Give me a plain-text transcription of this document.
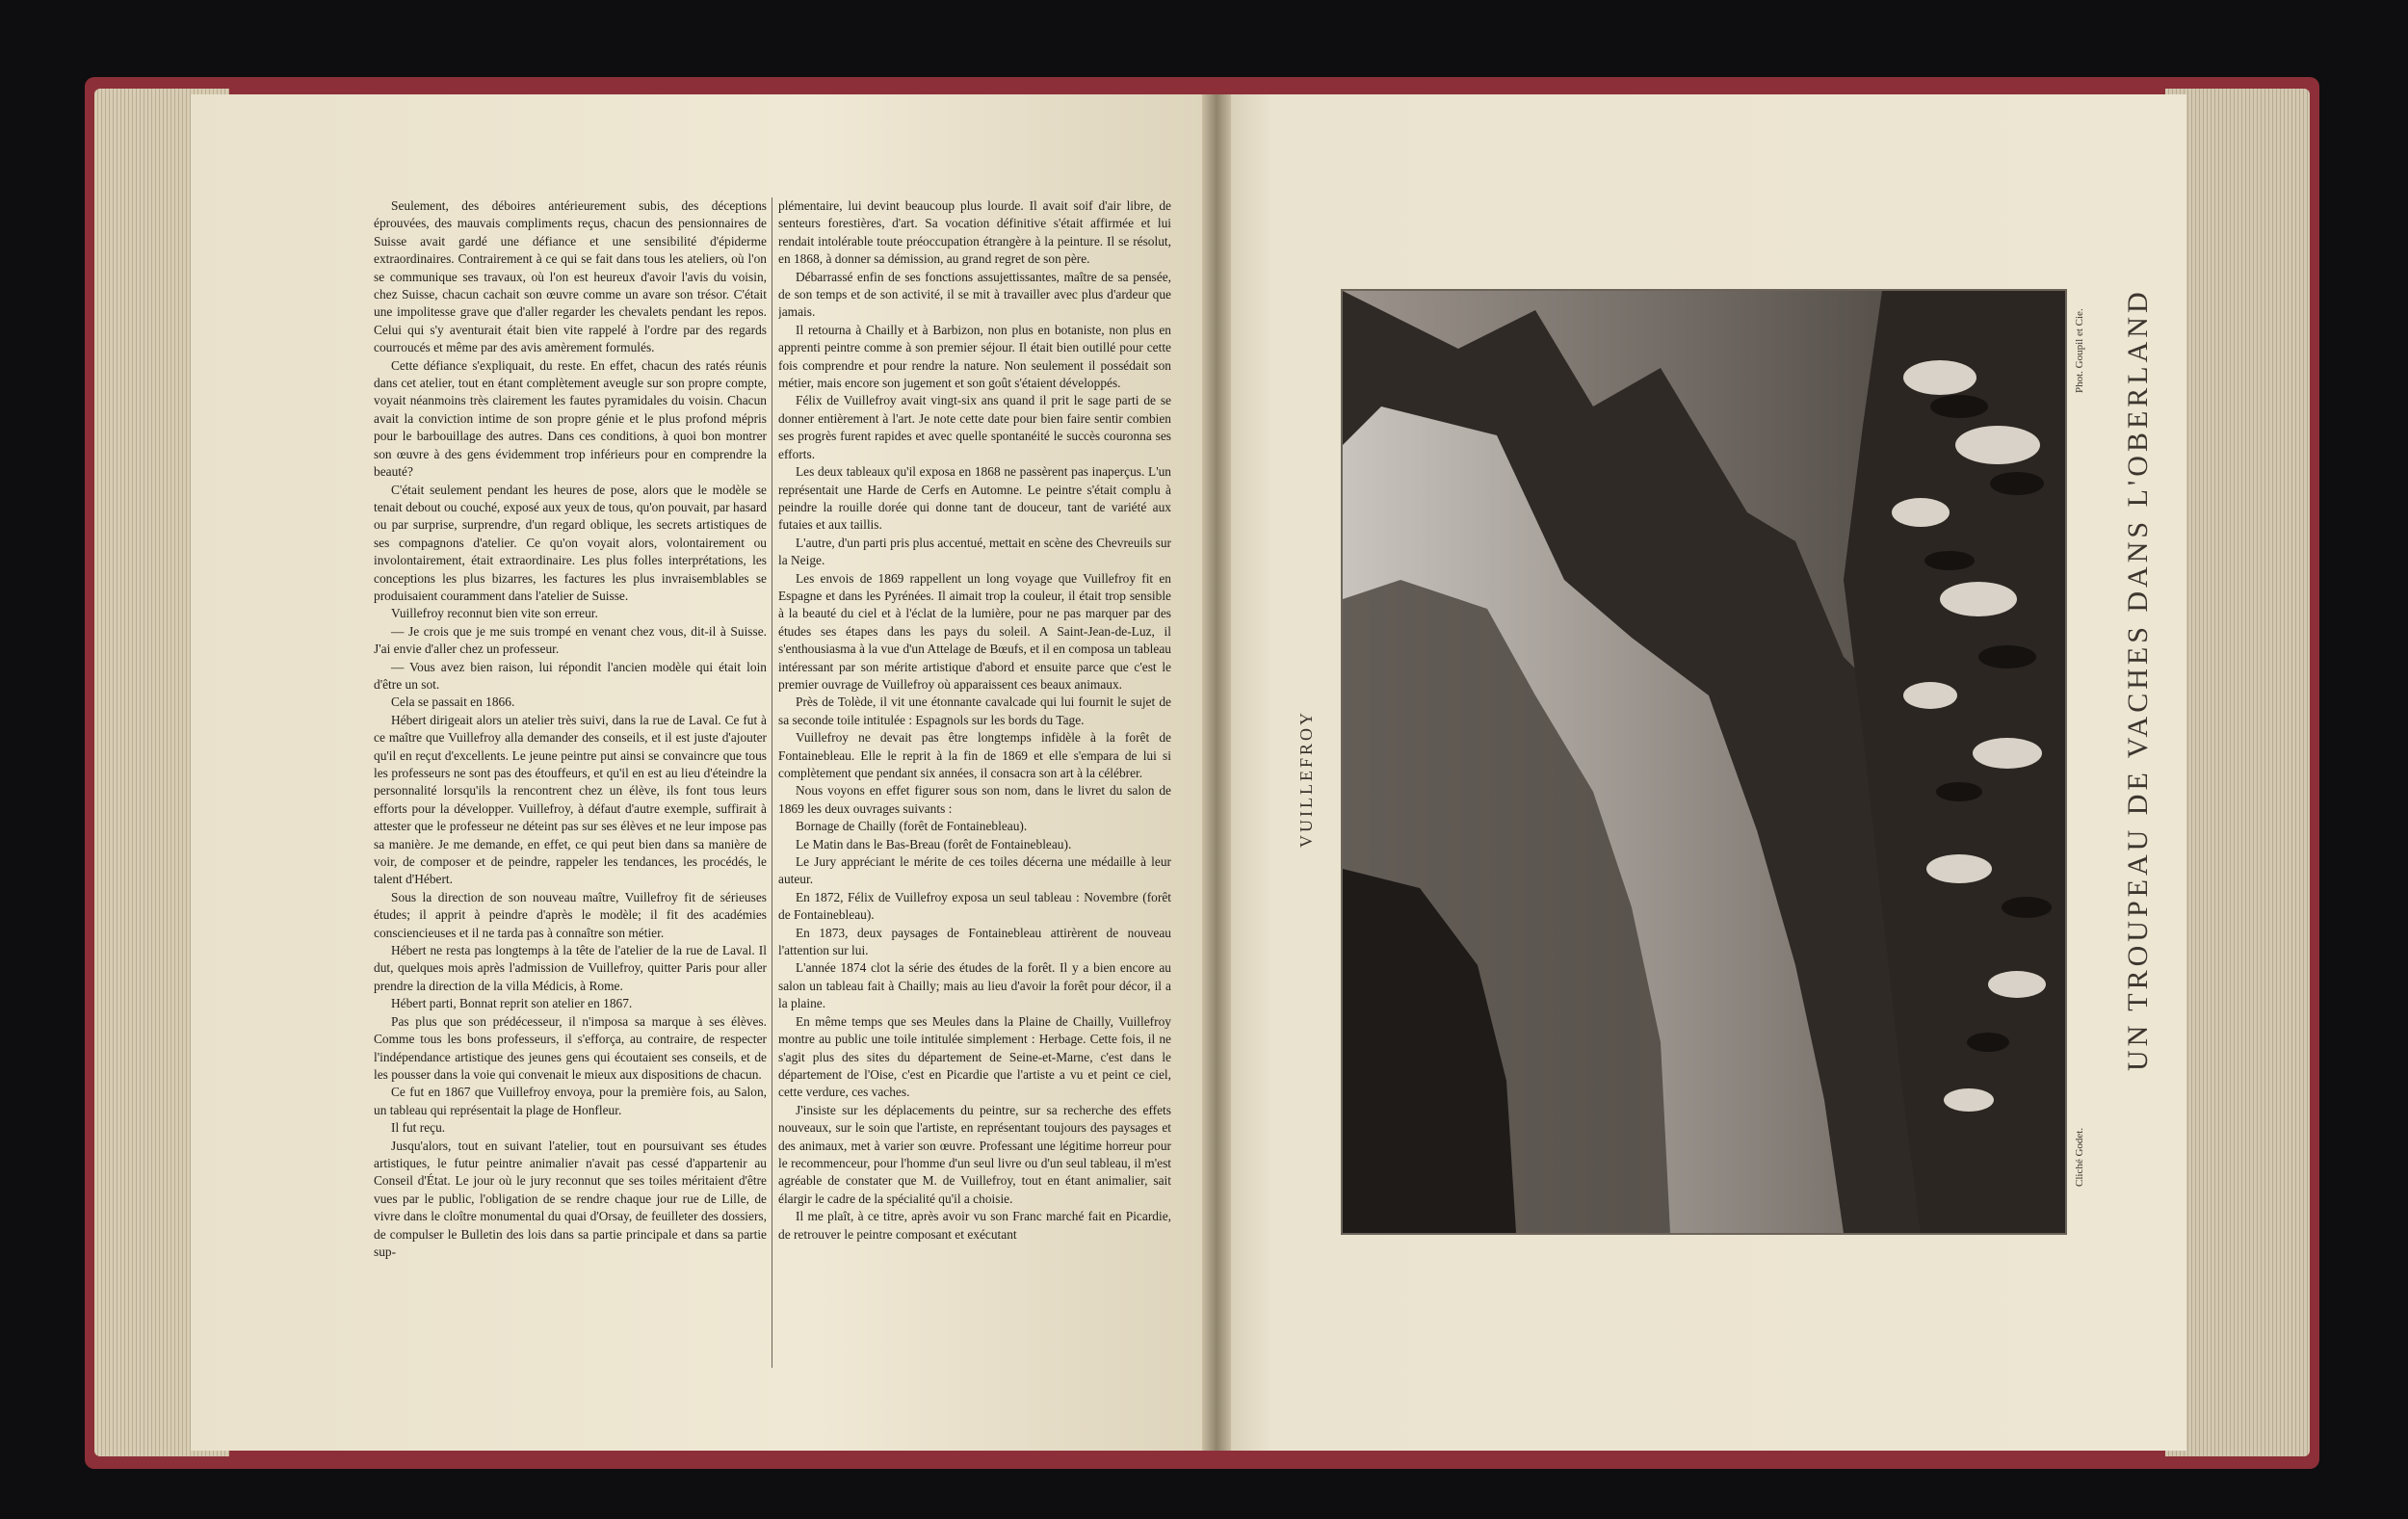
Seulement, des déboires antérieurement subis, des déceptions éprouvées, des mauvais compliments reçus, chacun des pensionnaires de Suisse avait gardé une défiance et une sensibilité d'épiderme extraordinaires. Contrairement à ce qui se fait dans tous les ateliers, où l'on se communique ses travaux, où l'on est heureux d'avoir l'avis du voisin, chez Suisse, chacun cachait son œuvre comme un avare son trésor. C'était une impolitesse grave que d'aller regarder les chevalets pendant les repos. Celui qui s'y aventurait était bien vite rappelé à l'ordre par des regards courroucés et même par des avis amèrement formulés.

Cette défiance s'expliquait, du reste. En effet, chacun des ratés réunis dans cet atelier, tout en étant complètement aveugle sur son propre compte, voyait néanmoins très clairement les fautes pyramidales du voisin. Chacun avait la conviction intime de son propre génie et le plus profond mépris pour le barbouillage des autres. Dans ces conditions, à quoi bon montrer son œuvre à des gens évidemment trop inférieurs pour en comprendre la beauté?

C'était seulement pendant les heures de pose, alors que le modèle se tenait debout ou couché, exposé aux yeux de tous, qu'on pouvait, par hasard ou par surprise, surprendre, d'un regard oblique, les secrets artistiques de ses compagnons d'atelier. Ce qu'on voyait alors, volontairement ou involontairement, était extraordinaire. Les plus folles interprétations, les conceptions les plus bizarres, les factures les plus invraisemblables se produisaient couramment dans l'atelier de Suisse.

Vuillefroy reconnut bien vite son erreur.

— Je crois que je me suis trompé en venant chez vous, dit-il à Suisse. J'ai envie d'aller chez un professeur.

— Vous avez bien raison, lui répondit l'ancien modèle qui était loin d'être un sot.

Cela se passait en 1866.

Hébert dirigeait alors un atelier très suivi, dans la rue de Laval. Ce fut à ce maître que Vuillefroy alla demander des conseils, et il est juste d'ajouter qu'il en reçut d'excellents. Le jeune peintre put ainsi se convaincre que tous les professeurs ne sont pas des étouffeurs, et qu'il en est au lieu d'éteindre la personnalité lorsqu'ils la rencontrent chez un élève, ils font tous leurs efforts pour la développer. Vuillefroy, à défaut d'autre exemple, suffirait à attester que le professeur ne déteint pas sur ses élèves et ne leur impose pas sa manière. Je me demande, en effet, ce qui peut bien dans sa manière de voir, de composer et de peindre, rappeler les tendances, les procédés, le talent d'Hébert.

Sous la direction de son nouveau maître, Vuillefroy fit de sérieuses études; il apprit à peindre d'après le modèle; il fit des académies consciencieuses et il ne tarda pas à connaître son métier.

Hébert ne resta pas longtemps à la tête de l'atelier de la rue de Laval. Il dut, quelques mois après l'admission de Vuillefroy, quitter Paris pour aller prendre la direction de la villa Médicis, à Rome.

Hébert parti, Bonnat reprit son atelier en 1867.

Pas plus que son prédécesseur, il n'imposa sa marque à ses élèves. Comme tous les bons professeurs, il s'efforça, au contraire, de respecter l'indépendance artistique des jeunes gens qui écoutaient ses conseils, et de les pousser dans la voie qui convenait le mieux aux dispositions de chacun.

Ce fut en 1867 que Vuillefroy envoya, pour la première fois, au Salon, un tableau qui représentait la plage de Honfleur.

Il fut reçu.

Jusqu'alors, tout en suivant l'atelier, tout en poursuivant ses études artistiques, le futur peintre animalier n'avait pas cessé d'appartenir au Conseil d'État. Le jour où le jury reconnut que ses toiles méritaient d'être vues par le public, l'obligation de se rendre chaque jour rue de Lille, de vivre dans le cloître monumental du quai d'Orsay, de feuilleter des dossiers, de compulser le Bulletin des lois dans sa partie principale et dans sa partie sup-

plémentaire, lui devint beaucoup plus lourde. Il avait soif d'air libre, de senteurs forestières, d'art. Sa vocation définitive s'était affirmée et lui rendait intolérable toute préoccupation étrangère à la peinture. Il se résolut, en 1868, à donner sa démission, au grand regret de son père.

Débarrassé enfin de ses fonctions assujettissantes, maître de sa pensée, de son temps et de son activité, il se mit à travailler avec plus d'ardeur que jamais.

Il retourna à Chailly et à Barbizon, non plus en botaniste, non plus en apprenti peintre comme à son premier séjour. Il était bien outillé pour cette fois comprendre et pour rendre la nature. Non seulement il possédait son métier, mais encore son jugement et son goût s'étaient développés.

Félix de Vuillefroy avait vingt-six ans quand il prit le sage parti de se donner entièrement à l'art. Je note cette date pour bien faire sentir combien ses progrès furent rapides et avec quelle spontanéité le succès couronna ses efforts.

Les deux tableaux qu'il exposa en 1868 ne passèrent pas inaperçus. L'un représentait une Harde de Cerfs en Automne. Le peintre s'était complu à peindre la rouille dorée qui donne tant de douceur, tant de variété aux futaies et aux taillis.

L'autre, d'un parti pris plus accentué, mettait en scène des Chevreuils sur la Neige.

Les envois de 1869 rappellent un long voyage que Vuillefroy fit en Espagne et dans les Pyrénées. Il aimait trop la couleur, il était trop sensible à la beauté du ciel et à l'éclat de la lumière, pour ne pas marquer par des études ses étapes dans les pays du soleil. A Saint-Jean-de-Luz, il s'enthousiasma à la vue d'un Attelage de Bœufs, et il en composa un tableau intéressant par son mérite artistique d'abord et ensuite parce que c'est le premier ouvrage de Vuillefroy où apparaissent ces beaux animaux.

Près de Tolède, il vit une étonnante cavalcade qui lui fournit le sujet de sa seconde toile intitulée : Espagnols sur les bords du Tage.

Vuillefroy ne devait pas être longtemps infidèle à la forêt de Fontainebleau. Elle le reprit à la fin de 1869 et elle s'empara de lui si complètement que pendant six années, il consacra son art à la célébrer.

Nous voyons en effet figurer sous son nom, dans le livret du salon de 1869 les deux ouvrages suivants :

Bornage de Chailly (forêt de Fontainebleau).

Le Matin dans le Bas-Breau (forêt de Fontainebleau).

Le Jury appréciant le mérite de ces toiles décerna une médaille à leur auteur.

En 1872, Félix de Vuillefroy exposa un seul tableau : Novembre (forêt de Fontainebleau).

En 1873, deux paysages de Fontainebleau attirèrent de nouveau l'attention sur lui.

L'année 1874 clot la série des études de la forêt. Il y a bien encore au salon un tableau fait à Chailly; mais au lieu d'avoir la forêt pour décor, il a la plaine.

En même temps que ses Meules dans la Plaine de Chailly, Vuillefroy montre au public une toile intitulée simplement : Herbage. Cette fois, il ne s'agit plus des sites du département de Seine-et-Marne, c'est dans le département de l'Oise, c'est en Picardie que l'artiste a vu et peint ce ciel, cette verdure, ces vaches.

J'insiste sur les déplacements du peintre, sur sa recherche des effets nouveaux, sur le soin que l'artiste, en représentant toujours des paysages et des animaux, met à varier son œuvre. Professant une légitime horreur pour le recommenceur, pour l'homme d'un seul livre ou d'un seul tableau, il m'est agréable de constater que M. de Vuillefroy, tout en étant animalier, sait élargir le cadre de la spécialité qu'il a choisie.

Il me plaît, à ce titre, après avoir vu son Franc marché fait en Picardie, de retrouver le peintre composant et exécutant

VUILLEFROY	UN TROUPEAU DE VACHES DANS L'OBERLAND
Cliché Godet.
Phot. Goupil et Cie.
